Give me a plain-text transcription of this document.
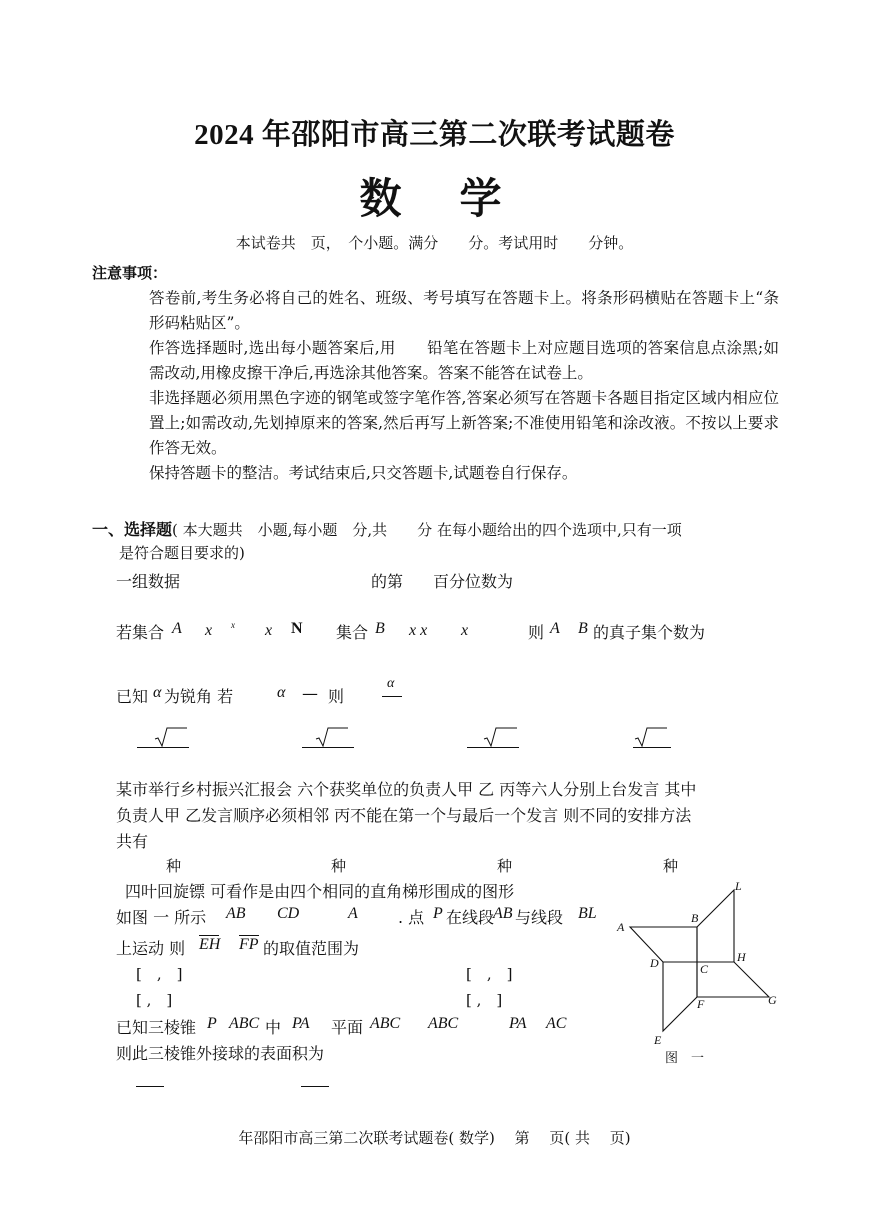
2024 年邵阳市高三第二次联考试题卷
数　学
本试卷共　页，　个小题。满分　　分。考试用时　　分钟。
注意事项：

答卷前,考生务必将自己的姓名、班级、考号填写在答题卡上。将条形码横贴在答题卡上“条形码粘贴区”。

作答选择题时,选出每小题答案后,用　　铅笔在答题卡上对应题目选项的答案信息点涂黑;如需改动,用橡皮擦干净后,再选涂其他答案。答案不能答在试卷上。

非选择题必须用黑色字迹的钢笔或签字笔作答,答案必须写在答题卡各题目指定区域内相应位置上;如需改动,先划掉原来的答案,然后再写上新答案;不准使用铅笔和涂改液。不按以上要求作答无效。

保持答题卡的整洁。考试结束后,只交答题卡,试题卷自行保存。

一、选择题( 本大题共　小题,每小题　分,共　　分 在每小题给出的四个选项中,只有一项
是符合题目要求的)
一组数据	的第 百分位数为
若集合 A x x x N 集合 B x x x	则 A B 的真子集个数为
已知 α 为锐角 若	α — 则
α
某市举行乡村振兴汇报会 六个获奖单位的负责人甲 乙 丙等六人分别上台发言 其中
负责人甲 乙发言顺序必须相邻 丙不能在第一个与最后一个发言 则不同的安排方法
共有
种	种	种	种
四叶回旋镖 可看作是由四个相同的直角梯形围成的图形
如图 一 所示 AB CD	A	. 点 P 在线段
AB 与线段 BL
上运动 则 EH FP 的取值范围为
[　,　]	[　,　]
[ ,　]	[ ,　]
已知三棱锥 P ABC 中 PA 平面 ABC ABC	PA AC
则此三棱锥外接球的表面积为
A
B
L
D	C
H
F	G
E
图　一
年邵阳市高三第二次联考试题卷( 数学)　 第　 页( 共　 页)
